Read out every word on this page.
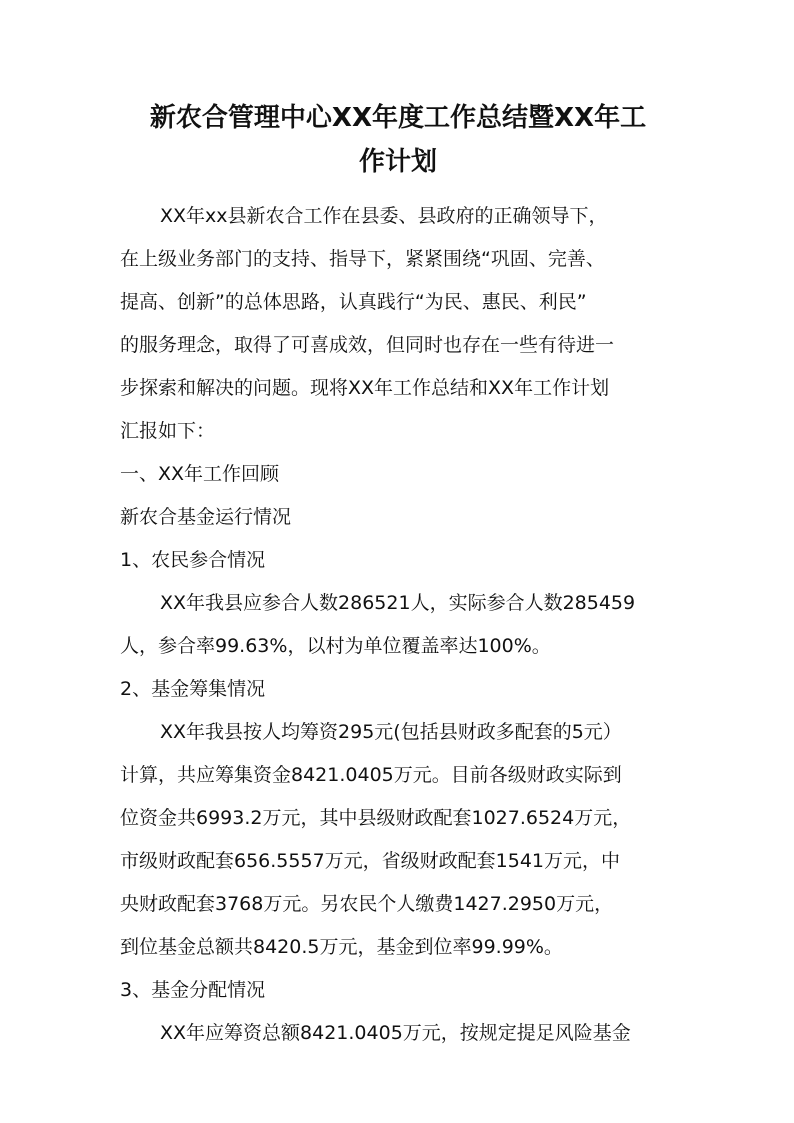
新农合管理中心XX年度工作总结暨XX年工
作计划
XX年xx县新农合工作在县委、县政府的正确领导下，
在上级业务部门的支持、指导下，紧紧围绕“巩固、完善、
提高、创新”的总体思路，认真践行“为民、惠民、利民”
的服务理念，取得了可喜成效，但同时也存在一些有待进一
步探索和解决的问题。现将XX年工作总结和XX年工作计划
汇报如下：
一、XX年工作回顾
新农合基金运行情况
1、农民参合情况
XX年我县应参合人数286521人，实际参合人数285459
人，参合率99.63%，以村为单位覆盖率达100%。
2、基金筹集情况
XX年我县按人均筹资295元(包括县财政多配套的5元）
计算，共应筹集资金8421.0405万元。目前各级财政实际到
位资金共6993.2万元，其中县级财政配套1027.6524万元，
市级财政配套656.5557万元，省级财政配套1541万元，中
央财政配套3768万元。另农民个人缴费1427.2950万元，
到位基金总额共8420.5万元，基金到位率99.99%。
3、基金分配情况
XX年应筹资总额8421.0405万元，按规定提足风险基金
